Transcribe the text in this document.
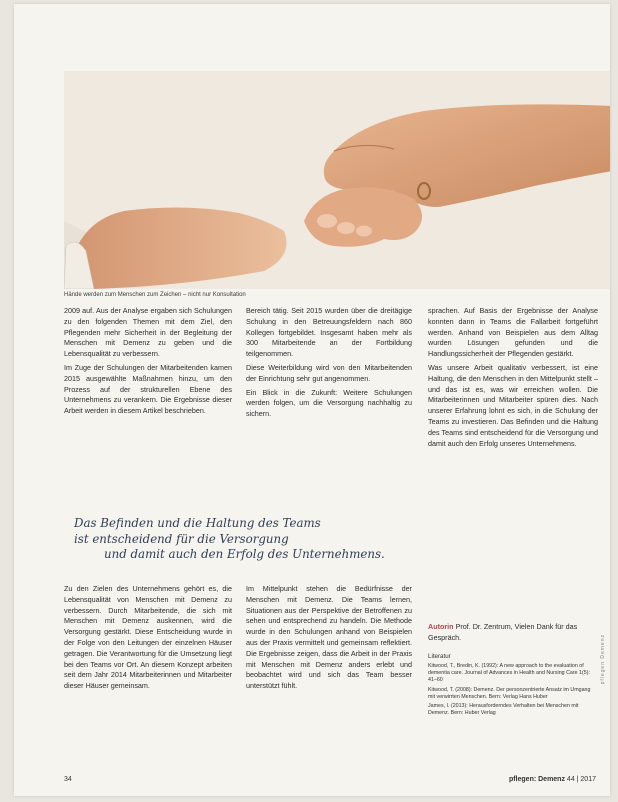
Hände werden zum Menschen zum Zeichen – nicht nur Konsultation

2009 auf. Aus der Analyse ergaben sich Schulungen zu den folgenden Themen mit dem Ziel, den Pflegenden mehr Sicherheit in der Begleitung der Menschen mit Demenz zu geben und die Lebensqualität zu verbessern.

Im Zuge der Schulungen der Mitarbeitenden kamen 2015 ausgewählte Maßnahmen hinzu, um den Prozess auf der strukturellen Ebene des Unternehmens zu verankern. Die Ergebnisse dieser Arbeit werden in diesem Artikel beschrieben.

Bereich tätig. Seit 2015 wurden über die dreitägige Schulung in den Betreuungsfeldern nach 860 Kollegen fortgebildet. Insgesamt haben mehr als 300 Mitarbeitende an der Fortbildung teilgenommen.

Diese Weiterbildung wird von den Mitarbeitenden der Einrichtung sehr gut angenommen.

Ein Blick in die Zukunft: Weitere Schulungen werden folgen, um die Versorgung nachhaltig zu sichern.

Das Befinden und die Haltung des Teams
ist entscheidend für die Versorgung
und damit auch den Erfolg des Unternehmens.

Zu den Zielen des Unternehmens gehört es, die Lebensqualität von Menschen mit Demenz zu verbessern. Durch Mitarbeitende, die sich mit Menschen mit Demenz auskennen, wird die Versorgung gestärkt. Diese Entscheidung wurde in der Folge von den Leitungen der einzelnen Häuser getragen. Die Verantwortung für die Umsetzung liegt bei den Teams vor Ort. An diesem Konzept arbeiten seit dem Jahr 2014 Mitarbeiterinnen und Mitarbeiter dieser Häuser gemeinsam.

Im Mittelpunkt stehen die Bedürfnisse der Menschen mit Demenz. Die Teams lernen, Situationen aus der Perspektive der Betroffenen zu sehen und entsprechend zu handeln. Die Methode wurde in den Schulungen anhand von Beispielen aus der Praxis vermittelt und gemeinsam reflektiert. Die Ergebnisse zeigen, dass die Arbeit in der Praxis mit Menschen mit Demenz anders erlebt und beobachtet wird und sich das Team besser unterstützt fühlt.

sprachen. Auf Basis der Ergebnisse der Analyse konnten dann in Teams die Fallarbeit fortgeführt werden. Anhand von Beispielen aus dem Alltag wurden Lösungen gefunden und die Handlungssicherheit der Pflegenden gestärkt.

Was unsere Arbeit qualitativ verbessert, ist eine Haltung, die den Menschen in den Mittelpunkt stellt – und das ist es, was wir erreichen wollen. Die Mitarbeiterinnen und Mitarbeiter spüren dies. Nach unserer Erfahrung lohnt es sich, in die Schulung der Teams zu investieren. Das Befinden und die Haltung des Teams sind entscheidend für die Versorgung und damit auch den Erfolg unseres Unternehmens.

Autorin Prof. Dr. Zentrum, Vielen Dank für das Gespräch.
Literatur
Kitwood, T., Bredin, K. (1992): A new approach to the evaluation of dementia care. Journal of Advances in Health and Nursing Care 1(5): 41–60
Kitwood, T. (2008): Demenz. Der personzentrierte Ansatz im Umgang mit verwirrten Menschen. Bern: Verlag Hans Huber
James, I. (2013): Herausforderndes Verhalten bei Menschen mit Demenz. Bern: Huber Verlag
34	pflegen: Demenz 44 | 2017
pflegen Demenz
